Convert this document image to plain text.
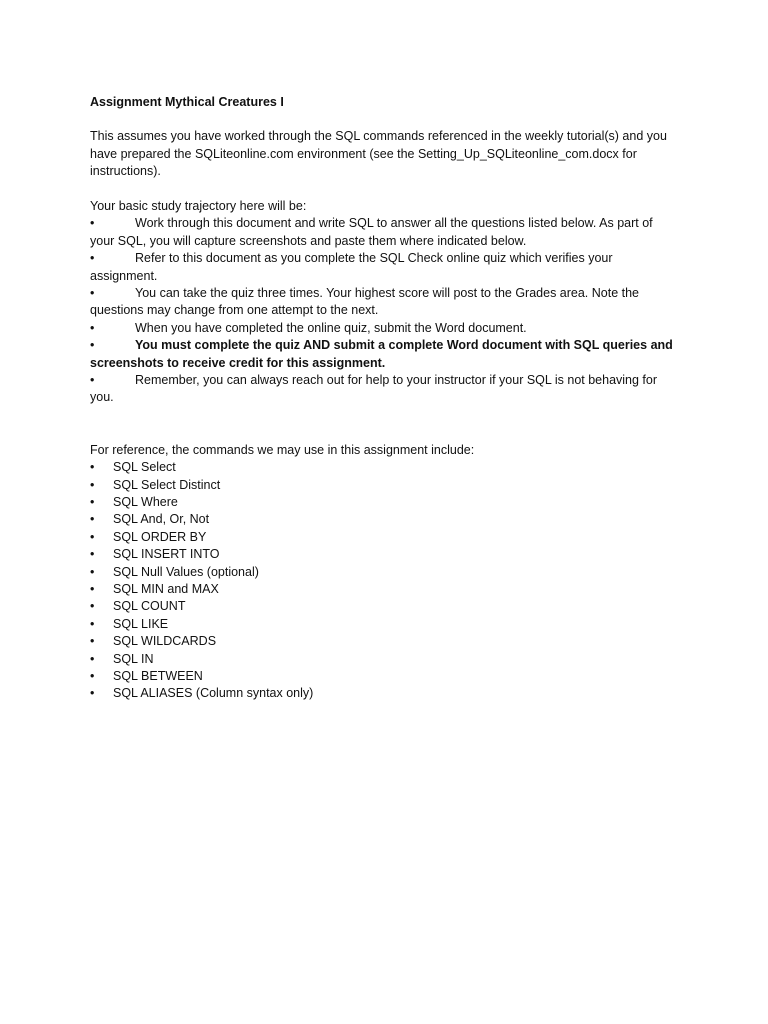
Assignment Mythical Creatures I

This assumes you have worked through the SQL commands referenced in the weekly tutorial(s) and you have prepared the SQLiteonline.com environment (see the Setting_Up_SQLiteonline_com.docx for instructions).

Your basic study trajectory here will be:

•	Work through this document and write SQL to answer all the questions listed below. As part of your SQL, you will capture screenshots and paste them where indicated below.

•	Refer to this document as you complete the SQL Check online quiz which verifies your assignment.

•	You can take the quiz three times. Your highest score will post to the Grades area. Note the questions may change from one attempt to the next.

•	When you have completed the online quiz, submit the Word document.

•	You must complete the quiz AND submit a complete Word document with SQL queries and screenshots to receive credit for this assignment.

•	Remember, you can always reach out for help to your instructor if your SQL is not behaving for you.

For reference, the commands we may use in this assignment include:

• SQL Select
• SQL Select Distinct
• SQL Where
• SQL And, Or, Not
• SQL ORDER BY
• SQL INSERT INTO
• SQL Null Values (optional)
• SQL MIN and MAX
• SQL COUNT
• SQL LIKE
• SQL WILDCARDS
• SQL IN
• SQL BETWEEN
• SQL ALIASES (Column syntax only)
